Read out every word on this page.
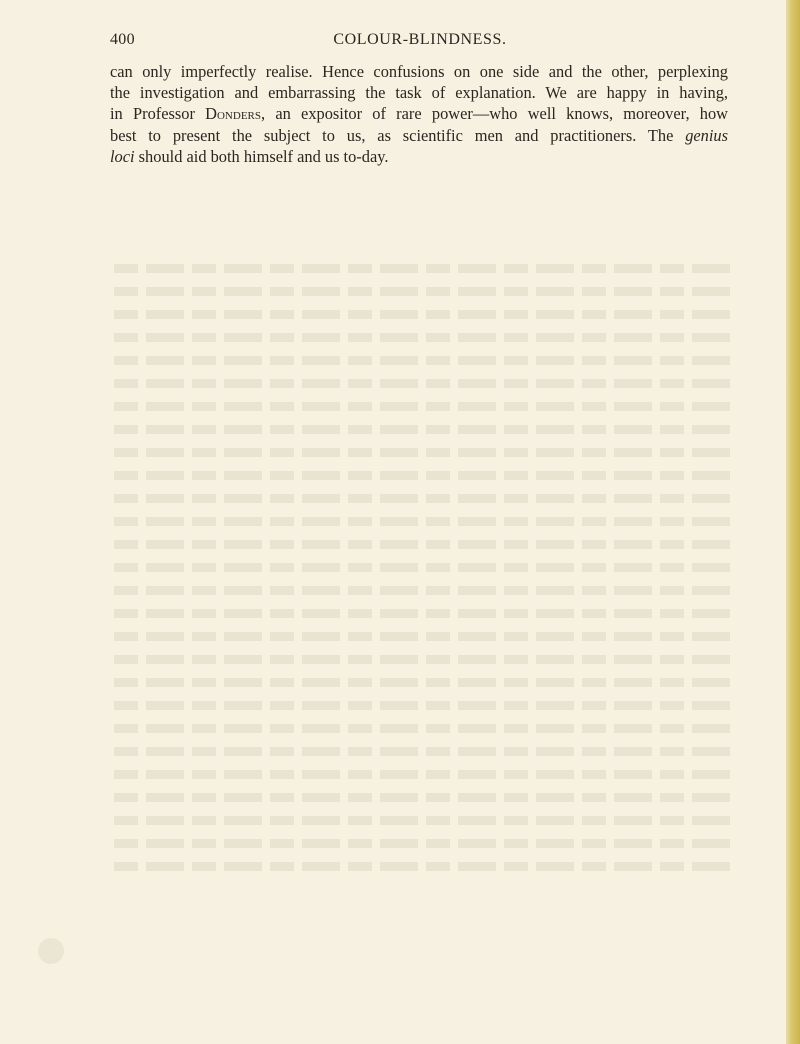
400	COLOUR-BLINDNESS.

can only imperfectly realise. Hence confusions on one side and the other, perplexing
the investigation and embarrassing the task of explanation. We are happy in having,
in Professor Donders, an expositor of rare power—who well knows, moreover, how
best to present the subject to us, as scientific men and practitioners. The genius
loci should aid both himself and us to-day.
